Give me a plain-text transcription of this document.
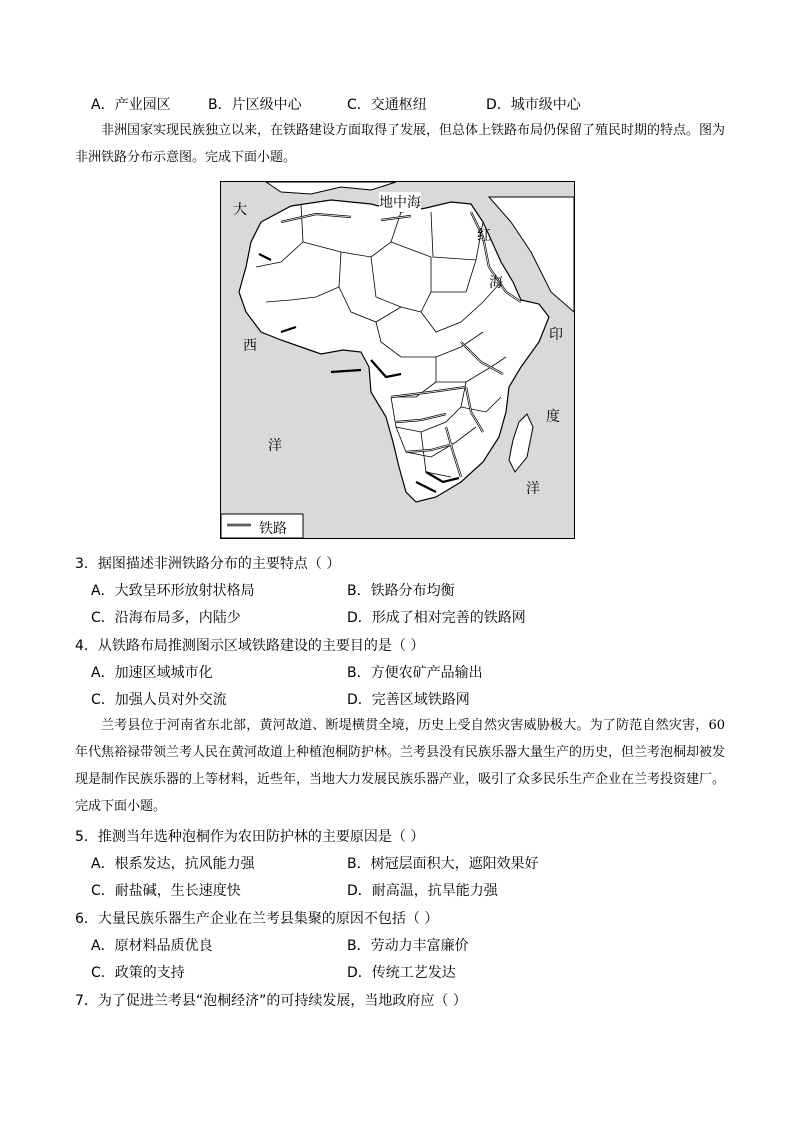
A．产业园区	B．片区级中心	C．交通枢纽	D．城市级中心
非洲国家实现民族独立以来，在铁路建设方面取得了发展，但总体上铁路布局仍保留了殖民时期的特点。图为非洲铁路分布示意图。完成下面小题。
地中海
大
西
洋
红
海
印
度
洋
铁路
3．据图描述非洲铁路分布的主要特点（ ）
A．大致呈环形放射状格局	B．铁路分布均衡
C．沿海布局多，内陆少	D．形成了相对完善的铁路网
4．从铁路布局推测图示区域铁路建设的主要目的是（ ）
A．加速区域城市化	B．方便农矿产品输出
C．加强人员对外交流	D．完善区域铁路网
兰考县位于河南省东北部，黄河故道、断堤横贯全境，历史上受自然灾害威胁极大。为了防范自然灾害，60年代焦裕禄带领兰考人民在黄河故道上种植泡桐防护林。兰考县没有民族乐器大量生产的历史，但兰考泡桐却被发现是制作民族乐器的上等材料，近些年，当地大力发展民族乐器产业，吸引了众多民乐生产企业在兰考投资建厂。完成下面小题。
5．推测当年选种泡桐作为农田防护林的主要原因是（ ）
A．根系发达，抗风能力强	B．树冠层面积大，遮阳效果好
C．耐盐碱，生长速度快	D．耐高温，抗旱能力强
6．大量民族乐器生产企业在兰考县集聚的原因不包括（ ）
A．原材料品质优良	B．劳动力丰富廉价
C．政策的支持	D．传统工艺发达
7．为了促进兰考县“泡桐经济”的可持续发展，当地政府应（ ）
